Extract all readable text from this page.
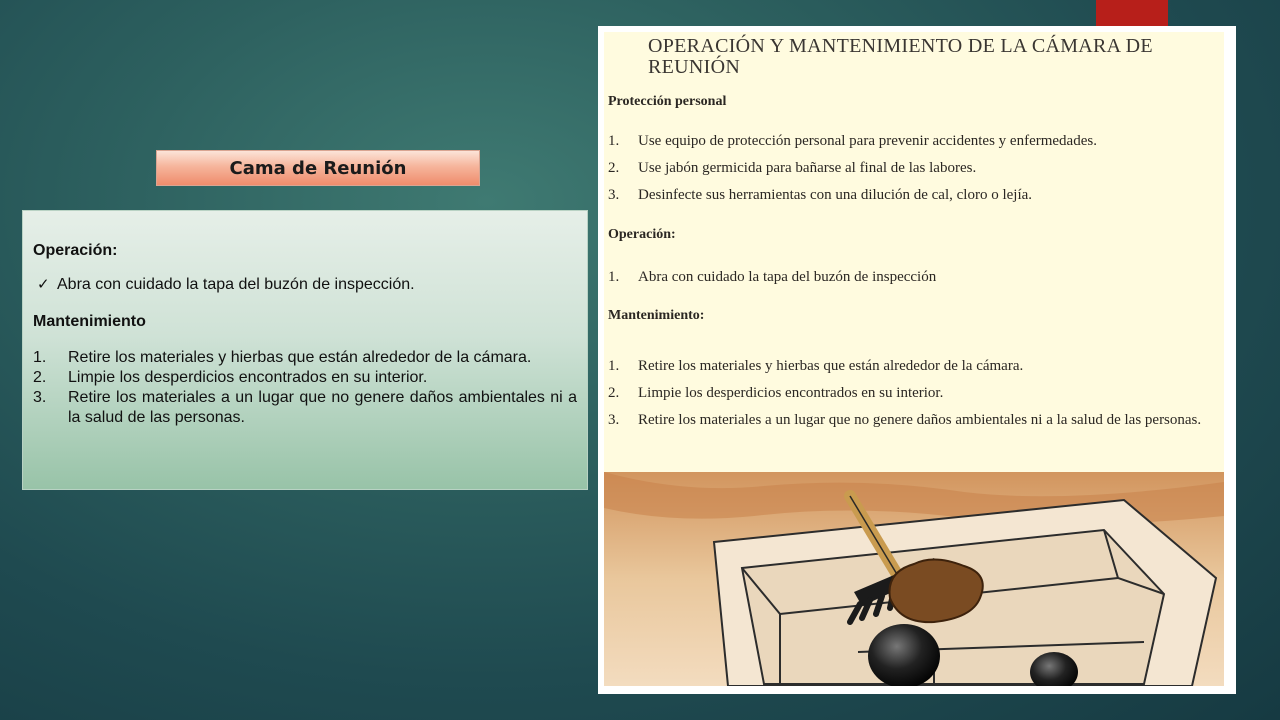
Cama de Reunión

Operación:

✓ Abra con cuidado la tapa del buzón de inspección.

Mantenimiento

1.	Retire los materiales y hierbas que están alrededor de la cámara.
2.	Limpie los desperdicios encontrados en su interior.
3.	Retire los materiales a un lugar que no genere daños ambientales ni a la salud de las personas.
OPERACIÓN Y MANTENIMIENTO DE LA CÁMARA DE REUNIÓN
Protección personal
1.	Use equipo de protección personal para prevenir accidentes y enfermedades.
2.	Use jabón germicida para bañarse al final de las labores.
3.	Desinfecte sus herramientas con una dilución de cal, cloro o lejía.
Operación:
1.	Abra con cuidado la tapa del buzón de inspección
Mantenimiento:
1.	Retire los materiales y hierbas que están alrededor de la cámara.
2.	Limpie los desperdicios encontrados en su interior.
3.	Retire los materiales a un lugar que no genere daños ambientales ni a la salud de las personas.
